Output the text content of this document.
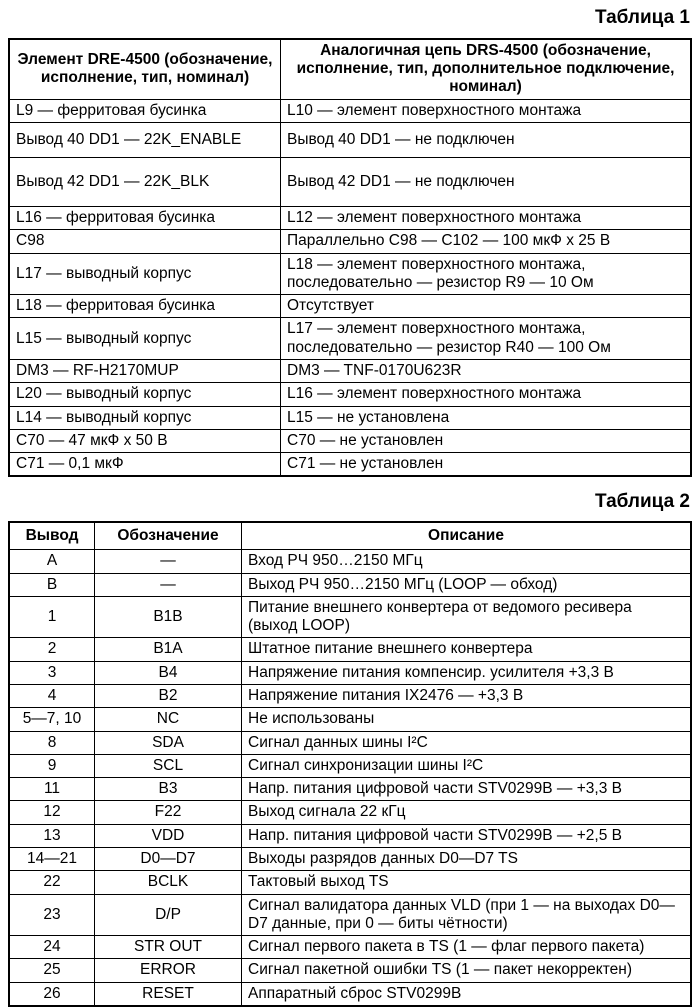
Таблица 1
Элемент DRE-4500 (обозначение, исполнение, тип, номинал)	Аналогичная цепь DRS-4500 (обозначение, исполнение, тип, дополнительное подключение, номинал)
L9 — ферритовая бусинка	L10 — элемент поверхностного монтажа
Вывод 40 DD1 — 22K_ENABLE	Вывод 40 DD1 — не подключен
Вывод 42 DD1 — 22K_BLK	Вывод 42 DD1 — не подключен
L16 — ферритовая бусинка	L12 — элемент поверхностного монтажа
C98	Параллельно C98 — C102 — 100 мкФ х 25 В
L17 — выводный корпус	L18 — элемент поверхностного монтажа, последовательно — резистор R9 — 10 Ом
L18 — ферритовая бусинка	Отсутствует
L15 — выводный корпус	L17 — элемент поверхностного монтажа, последовательно — резистор R40 — 100 Ом
DM3 — RF-H2170MUP	DM3 — TNF-0170U623R
L20 — выводный корпус	L16 — элемент поверхностного монтажа
L14 — выводный корпус	L15 — не установлена
C70 — 47 мкФ х 50 В	C70 — не установлен
C71 — 0,1 мкФ	C71 — не установлен
Таблица 2
Вывод	Обозначение	Описание
A	—	Вход РЧ 950…2150 МГц
B	—	Выход РЧ 950…2150 МГц (LOOP — обход)
1	B1B	Питание внешнего конвертера от ведомого ресивера (выход LOOP)
2	B1A	Штатное питание внешнего конвертера
3	B4	Напряжение питания компенсир. усилителя +3,3 В
4	B2	Напряжение питания IX2476 — +3,3 В
5—7, 10	NC	Не использованы
8	SDA	Сигнал данных шины I²C
9	SCL	Сигнал синхронизации шины I²C
11	B3	Напр. питания цифровой части STV0299B — +3,3 В
12	F22	Выход сигнала 22 кГц
13	VDD	Напр. питания цифровой части STV0299B — +2,5 В
14—21	D0—D7	Выходы разрядов данных D0—D7 TS
22	BCLK	Тактовый выход TS
23	D/P	Сигнал валидатора данных VLD (при 1 — на выходах D0—D7 данные, при 0 — биты чётности)
24	STR OUT	Сигнал первого пакета в TS (1 — флаг первого пакета)
25	ERROR	Сигнал пакетной ошибки TS (1 — пакет некорректен)
26	RESET	Аппаратный сброс STV0299B
